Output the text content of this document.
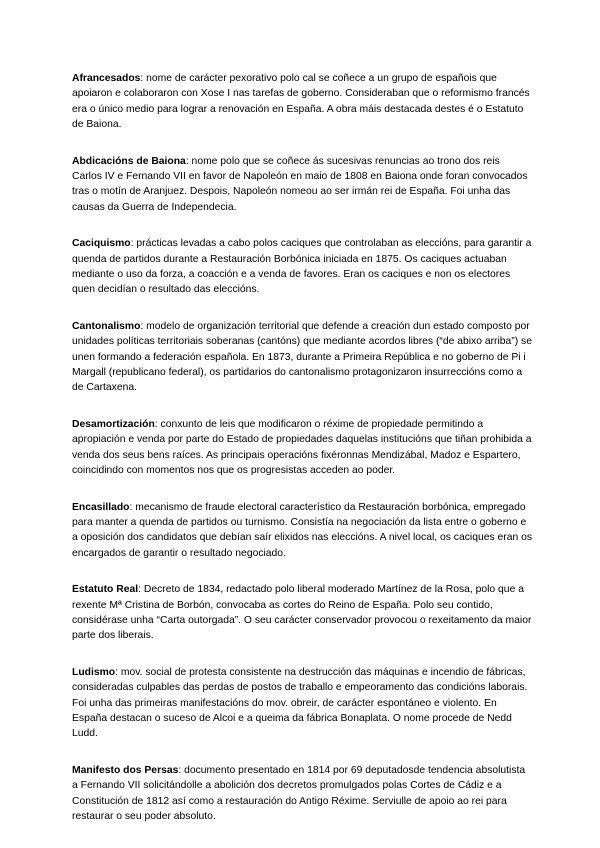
Afrancesados: nome de carácter pexorativo polo cal se coñece a un grupo de españois que apoiaron e colaboraron con Xose I nas tarefas de goberno. Consideraban que o reformismo francés era o único medio para lograr a renovación en España. A obra máis destacada destes é o Estatuto de Baiona.

Abdicacións de Baiona: nome polo que se coñece ás sucesivas renuncias ao trono dos reis Carlos IV e Fernando VII en favor de Napoleón en maio de 1808 en Baiona onde foran convocados tras o motín de Aranjuez. Despois, Napoleón nomeou ao ser irmán rei de España. Foi unha das causas da Guerra de Independecia.

Caciquismo: prácticas levadas a cabo polos caciques que controlaban as eleccións, para garantir a quenda de partidos durante a Restauración Borbónica iniciada en 1875. Os caciques actuaban mediante o uso da forza, a coacción e a venda de favores. Eran os caciques e non os electores quen decidían o resultado das eleccións.

Cantonalismo: modelo de organización territorial que defende a creación dun estado composto por unidades políticas territoriais soberanas (cantóns) que mediante acordos libres (“de abixo arriba”) se unen formando a federación española. En 1873, durante a Primeira República e no goberno de Pi i Margall (republicano federal), os partidarios do cantonalismo protagonizaron insurreccións como a de Cartaxena.

Desamortización: conxunto de leis que modificaron o réxime de propiedade permitindo a apropiación e venda por parte do Estado de propiedades daquelas institucións que tiñan prohibida a venda dos seus bens raíces. As principais operacións fixéronnas Mendizábal, Madoz e Espartero, coincidindo con momentos nos que os progresistas acceden ao poder.

Encasillado: mecanismo de fraude electoral característico da Restauración borbónica, empregado para manter a quenda de partidos ou turnismo. Consistía na negociación da lista entre o goberno e a oposición dos candidatos que debían saír elixidos nas eleccións. A nivel local, os caciques eran os encargados de garantir o resultado negociado.

Estatuto Real: Decreto de 1834, redactado polo liberal moderado Martínez de la Rosa, polo que a rexente Mª Cristina de Borbón, convocaba as cortes do Reino de España. Polo seu contido, considérase unha “Carta outorgada”. O seu carácter conservador provocou o rexeitamento da maior parte dos liberais.

Ludismo: mov. social de protesta consistente na destrucción das máquinas e incendio de fábricas, consideradas culpables das perdas de postos de traballo e empeoramento das condicións laborais. Foi unha das primeiras manifestacións do mov. obreir, de carácter espontáneo e violento. En España destacan o suceso de Alcoi e a queima da fábrica Bonaplata. O nome procede de Nedd Ludd.

Manifesto dos Persas: documento presentado en 1814 por 69 deputadosde tendencia absolutista a Fernando VII solicitándolle a abolición dos decretos promulgados polas Cortes de Cádiz e a Constitución de 1812 así como a restauración do Antigo Réxime. Serviulle de apoio ao rei para restaurar o seu poder absoluto.
